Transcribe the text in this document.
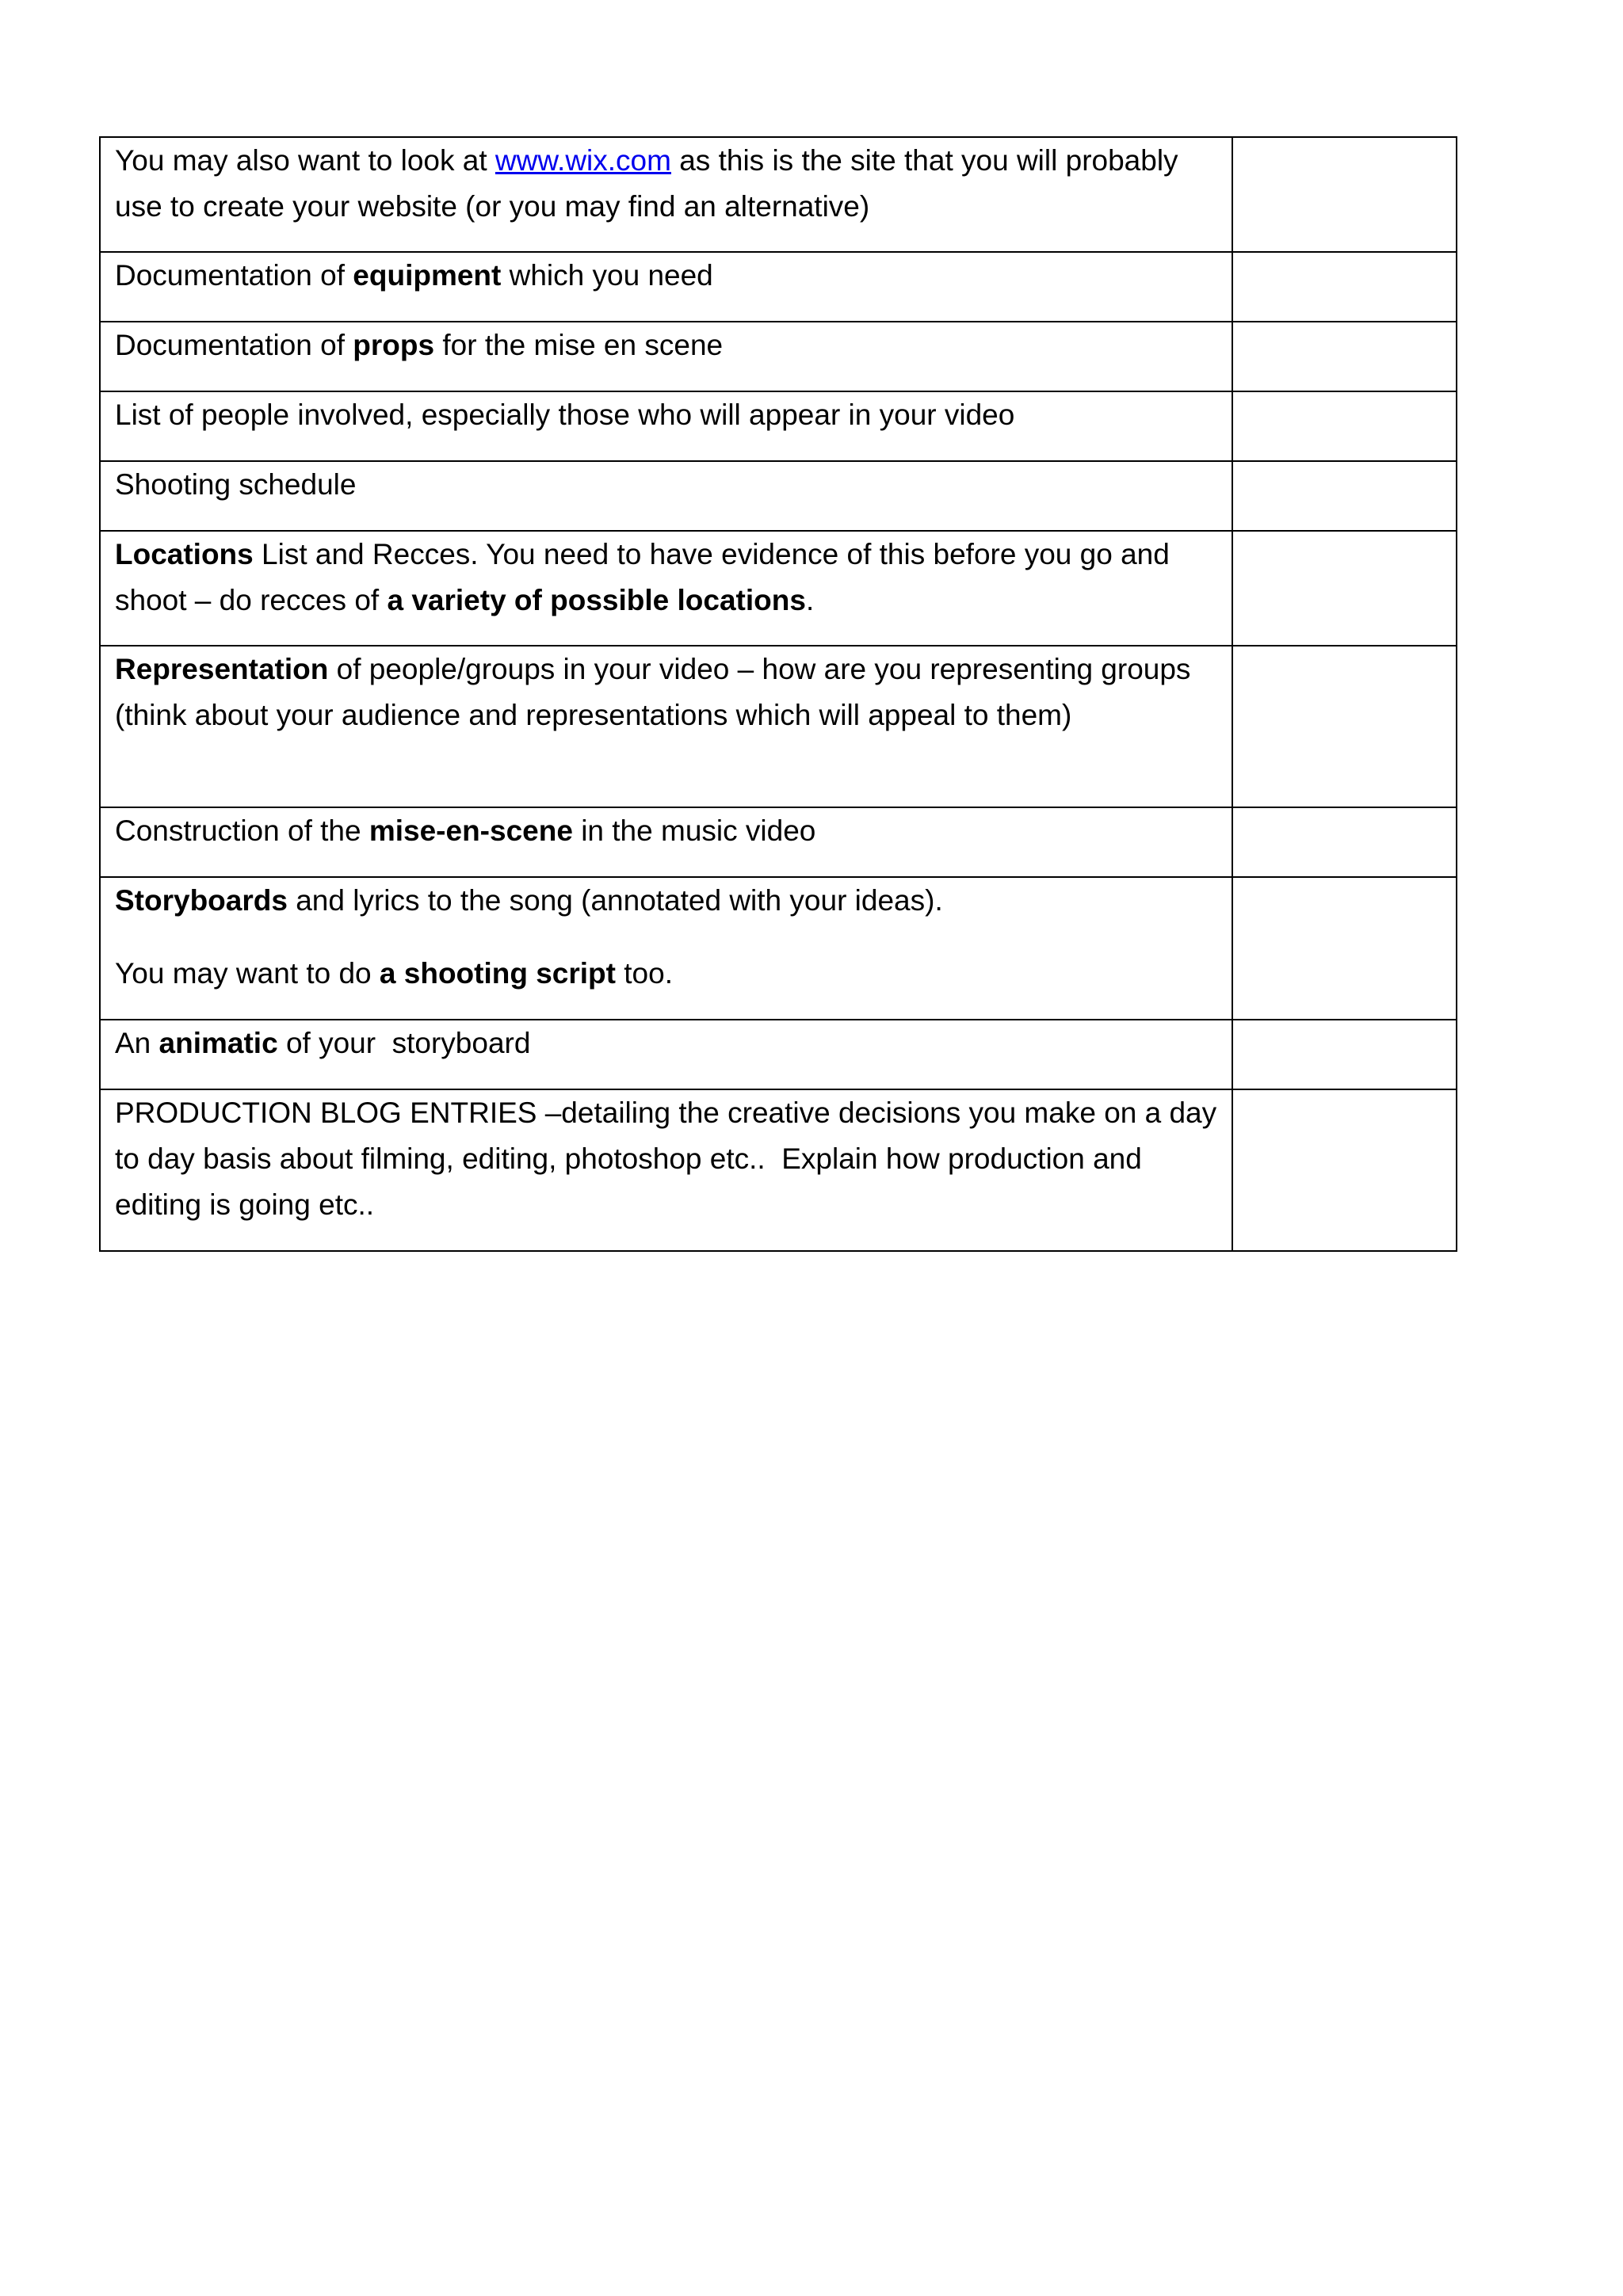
You may also want to look at www.wix.com as this is the site that you will probably use to create your website (or you may find an alternative)	
Documentation of equipment which you need	
Documentation of props for the mise en scene	
List of people involved, especially those who will appear in your video	
Shooting schedule	
Locations List and Recces. You need to have evidence of this before you go and shoot – do recces of a variety of possible locations.	
Representation of people/groups in your video – how are you representing groups (think about your audience and representations which will appeal to them)	
Construction of the mise-en-scene in the music video	

Storyboards and lyrics to the song (annotated with your ideas).

You may want to do a shooting script too.	

An animatic of your  storyboard	
PRODUCTION BLOG ENTRIES –detailing the creative decisions you make on a day to day basis about filming, editing, photoshop etc..  Explain how production and editing is going etc..	
